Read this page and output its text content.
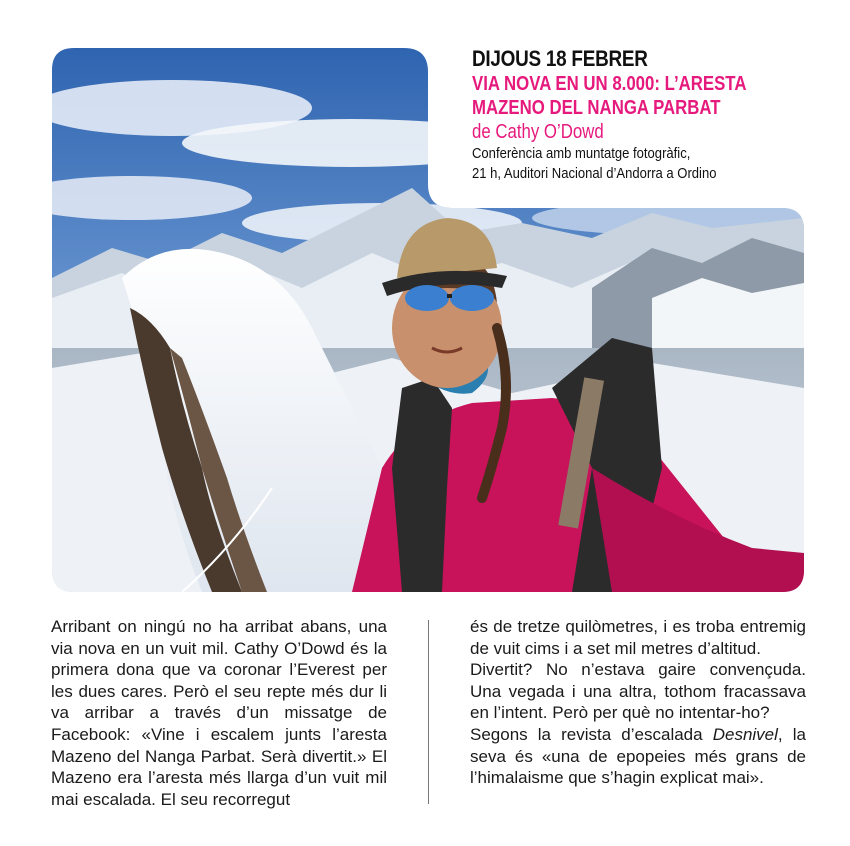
DIJOUS 18 FEBRER
VIA NOVA EN UN 8.000: L’ARESTA
MAZENO DEL NANGA PARBAT
de Cathy O’Dowd
Conferència amb muntatge fotogràfic,
21 h, Auditori Nacional d’Andorra a Ordino

Arribant on ningú no ha arribat abans, una via nova en un vuit mil. Cathy O’Dowd és la primera dona que va coronar l’Everest per les dues cares. Però el seu repte més dur li va arribar a través d’un missatge de Facebook: «Vine i escalem junts l’aresta Mazeno del Nanga Parbat. Serà divertit.» El Mazeno era l’aresta més llarga d’un vuit mil mai escalada. El seu recorregut

és de tretze quilòmetres, i es troba entremig de vuit cims i a set mil metres d’altitud.

Divertit? No n’estava gaire convençuda. Una vegada i una altra, tothom fracassava en l’intent. Però per què no intentar-ho?

Segons la revista d’escalada Desnivel, la seva és «una de epopeies més grans de l’himalaisme que s’hagin explicat mai».
